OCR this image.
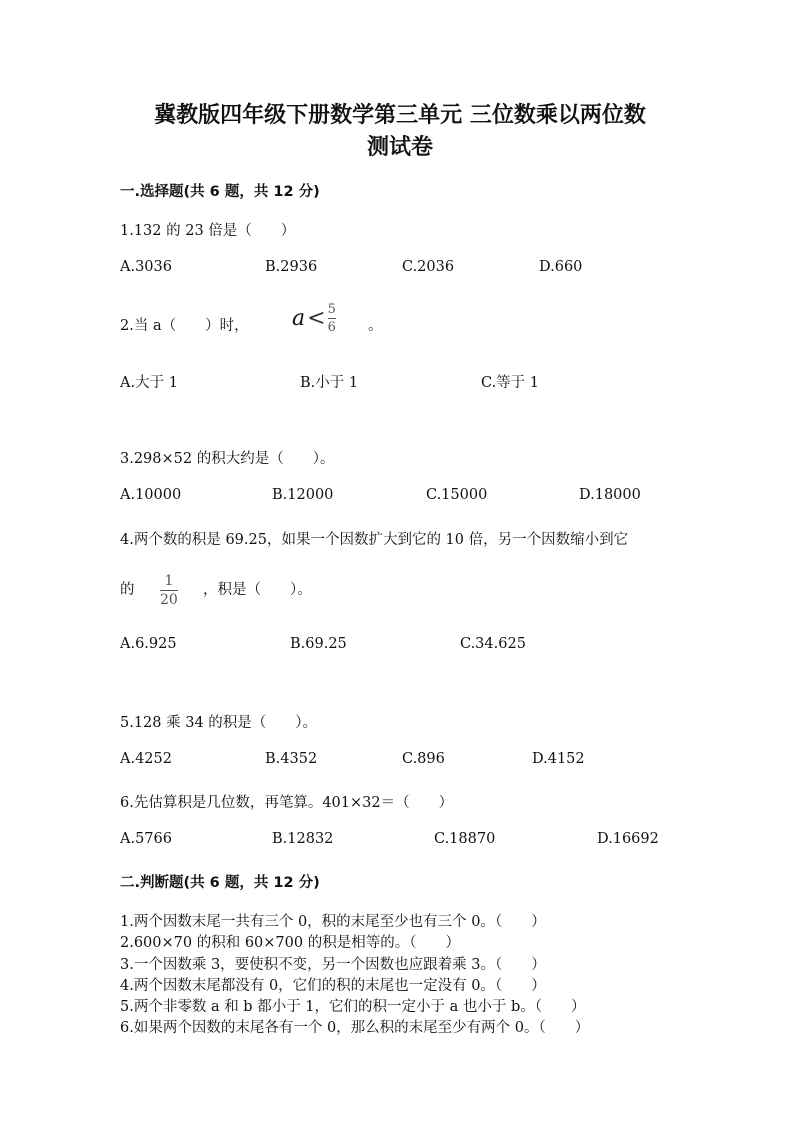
冀教版四年级下册数学第三单元 三位数乘以两位数
测试卷
一.选择题(共 6 题，共 12 分)
1.132 的 23 倍是（　　）
A.3036	B.2936	C.2036	D.660
2.当 a（　　）时， $a < \frac{5}{6}$ 。
A.大于 1	B.小于 1	C.等于 1
3.298×52 的积大约是（　　）。
A.10000	B.12000	C.15000	D.18000
4.两个数的积是 69.25，如果一个因数扩大到它的 10 倍，另一个因数缩小到它
的 $\frac{1}{20}$ ，积是（　　）。
A.6.925	B.69.25	C.34.625
5.128 乘 34 的积是（　　）。
A.4252	B.4352	C.896	D.4152
6.先估算积是几位数，再笔算。401×32＝（　　）
A.5766	B.12832	C.18870	D.16692
二.判断题(共 6 题，共 12 分)
1.两个因数末尾一共有三个 0，积的末尾至少也有三个 0。（　　）
2.600×70 的积和 60×700 的积是相等的。（　　）
3.一个因数乘 3，要使积不变，另一个因数也应跟着乘 3。（　　）
4.两个因数末尾都没有 0，它们的积的末尾也一定没有 0。（　　）
5.两个非零数 a 和 b 都小于 1，它们的积一定小于 a 也小于 b。（　　）
6.如果两个因数的末尾各有一个 0，那么积的末尾至少有两个 0。（　　）
